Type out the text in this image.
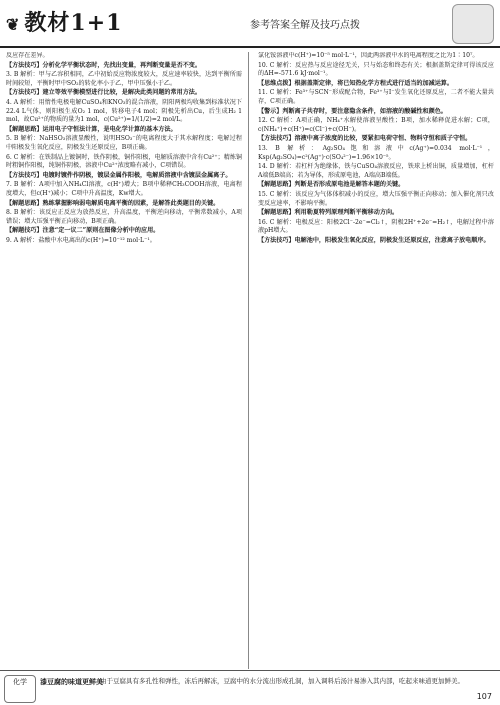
❦ 教材1+1	参考答案全解及技巧点拨

反应存在差异。

【方法技巧】分析化学平衡状态时，先找出变量，再判断变量是否不变。

3. B 解析：甲与乙容积相同，乙中初始反应物浓度较大，反应速率较快，达到平衡所需时间较短，平衡时甲中SO₂的转化率小于乙，甲中压强小于乙。

【方法技巧】建立等效平衡模型进行比较，是解决此类问题的常用方法。

4. A 解析：用惰性电极电解CuSO₄和KNO₃的混合溶液，阴阳两极均收集到标准状况下22.4 L气体，则阳极生成O₂ 1 mol，转移电子4 mol；阴极先析出Cu，后生成H₂ 1 mol，故Cu²⁺的物质的量为1 mol，c(Cu²⁺)=1/(1/2)=2 mol/L。

【解题思路】运用电子守恒法计算，是电化学计算的基本方法。

5. B 解析：NaHSO₃溶液显酸性，说明HSO₃⁻的电离程度大于其水解程度；电解过程中阳极发生氧化反应，阴极发生还原反应，B项正确。

6. C 解析：在铁制品上镀铜时，铁作阴极，铜作阳极，电解质溶液中含有Cu²⁺；精炼铜时粗铜作阳极，纯铜作阴极，溶液中Cu²⁺浓度略有减小，C项错误。

【方法技巧】电镀时镀件作阴极，镀层金属作阳极，电解质溶液中含镀层金属离子。

7. B 解析：A项中加入NH₄Cl溶液，c(H⁺)增大；B项中稀释CH₃COOH溶液，电离程度增大，但c(H⁺)减小；C项中升高温度，Kw增大。

【解题思路】熟练掌握影响弱电解质电离平衡的因素，是解答此类题目的关键。

8. B 解析：该反应正反应为放热反应，升高温度，平衡逆向移动，平衡常数减小，A项错误；增大压强平衡正向移动，B项正确。

【解题技巧】注意“定一议二”原则在图像分析中的应用。

9. A 解析：盐酸中水电离出的c(H⁺)=10⁻¹² mol·L⁻¹。

氯化铵溶液中c(H⁺)=10⁻⁵ mol·L⁻¹，因此两溶液中水的电离程度之比为1∶10⁷。

10. C 解析：反应热与反应途径无关，只与始态和终态有关；根据盖斯定律可得该反应的ΔH=-571.6 kJ·mol⁻¹。

【思维点拨】根据盖斯定律，将已知热化学方程式进行适当的加减运算。

11. C 解析：Fe³⁺与SCN⁻形成配合物，Fe³⁺与I⁻发生氧化还原反应，二者不能大量共存，C项正确。

【警示】判断离子共存时，要注意隐含条件，如溶液的酸碱性和颜色。

12. C 解析：A项正确，NH₄⁺水解使溶液呈酸性；B项，加水稀释促进水解；C项，c(NH₄⁺)+c(H⁺)=c(Cl⁻)+c(OH⁻)。

【方法技巧】溶液中离子浓度的比较，要紧扣电荷守恒、物料守恒和质子守恒。

13. B 解析：Ag₂SO₄饱和溶液中c(Ag⁺)=0.034 mol·L⁻¹，Ksp(Ag₂SO₄)=c²(Ag⁺)·c(SO₄²⁻)=1.96×10⁻⁵。

14. D 解析：若杠杆为绝缘体，铁与CuSO₄溶液反应，铁球上析出铜，质量增加，杠杆A端低B端高；若为导体，形成原电池，A端高B端低。

【解题思路】判断是否形成原电池是解答本题的关键。

15. C 解析：该反应为气体体积减小的反应，增大压强平衡正向移动；加入催化剂只改变反应速率，不影响平衡。

【解题思路】利用勒夏特列原理判断平衡移动方向。

16. C 解析：电极反应：阳极2Cl⁻-2e⁻=Cl₂↑，阴极2H⁺+2e⁻=H₂↑，电解过程中溶液pH增大。

【方法技巧】电解池中，阳极发生氧化反应，阴极发生还原反应，注意离子放电顺序。

化学	漆豆腐的味道更鲜美
由于豆腐具有多孔性和弹性，冻后再解冻，豆腐中的水分流出形成孔洞，加入调料后汤汁易渗入其内部，吃起来味道更加鲜美。
107
